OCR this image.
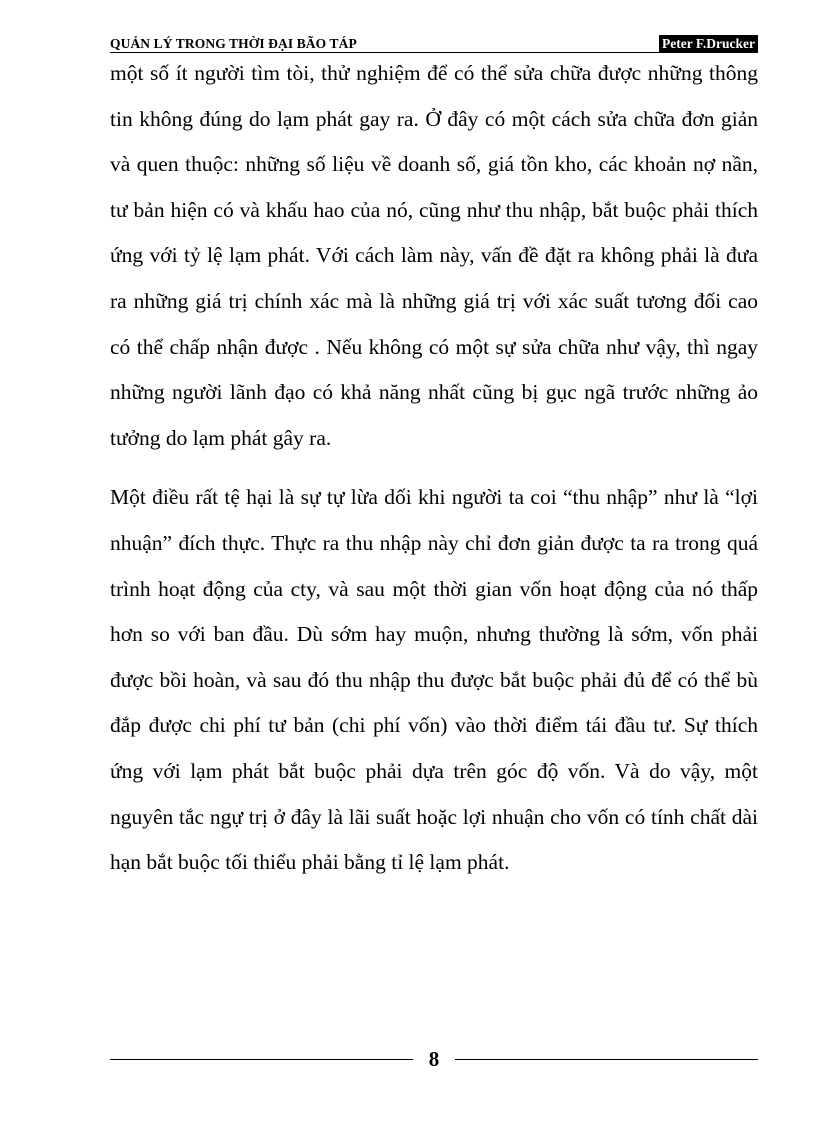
QUẢN LÝ TRONG THỜI ĐẠI BÃO TÁP	Peter F.Drucker

một số ít người tìm tòi, thử nghiệm để có thể sửa chữa được những thông tin không đúng do lạm phát gay ra. Ở đây có một cách sửa chữa đơn giản và quen thuộc: những số liệu về doanh số, giá tồn kho, các khoản nợ nần, tư bản hiện có và khấu hao của nó, cũng như thu nhập, bắt buộc phải thích ứng với tỷ lệ lạm phát. Với cách làm này, vấn đề đặt ra không phải là đưa ra những giá trị chính xác mà là những giá trị với xác suất tương đối cao có thể chấp nhận được . Nếu không có một sự sửa chữa như vậy, thì ngay những người lãnh đạo có khả năng nhất cũng bị gục ngã trước những ảo tưởng do lạm phát gây ra.

Một điều rất tệ hại là sự tự lừa dối khi người ta coi “thu nhập” như là “lợi nhuận” đích thực. Thực ra thu nhập này chỉ đơn giản được ta ra trong quá trình hoạt động của cty, và sau một thời gian vốn hoạt động của nó thấp hơn so với ban đầu. Dù sớm hay muộn, nhưng thường là sớm, vốn phải được bồi hoàn, và sau đó thu nhập thu được bắt buộc phải đủ để có thể bù đắp được chi phí tư bản (chi phí vốn) vào thời điểm tái đầu tư. Sự thích ứng với lạm phát bắt buộc phải dựa trên góc độ vốn. Và do vậy, một nguyên tắc ngự trị ở đây là lãi suất hoặc lợi nhuận cho vốn có tính chất dài hạn bắt buộc tối thiểu phải bằng tỉ lệ lạm phát.

8
